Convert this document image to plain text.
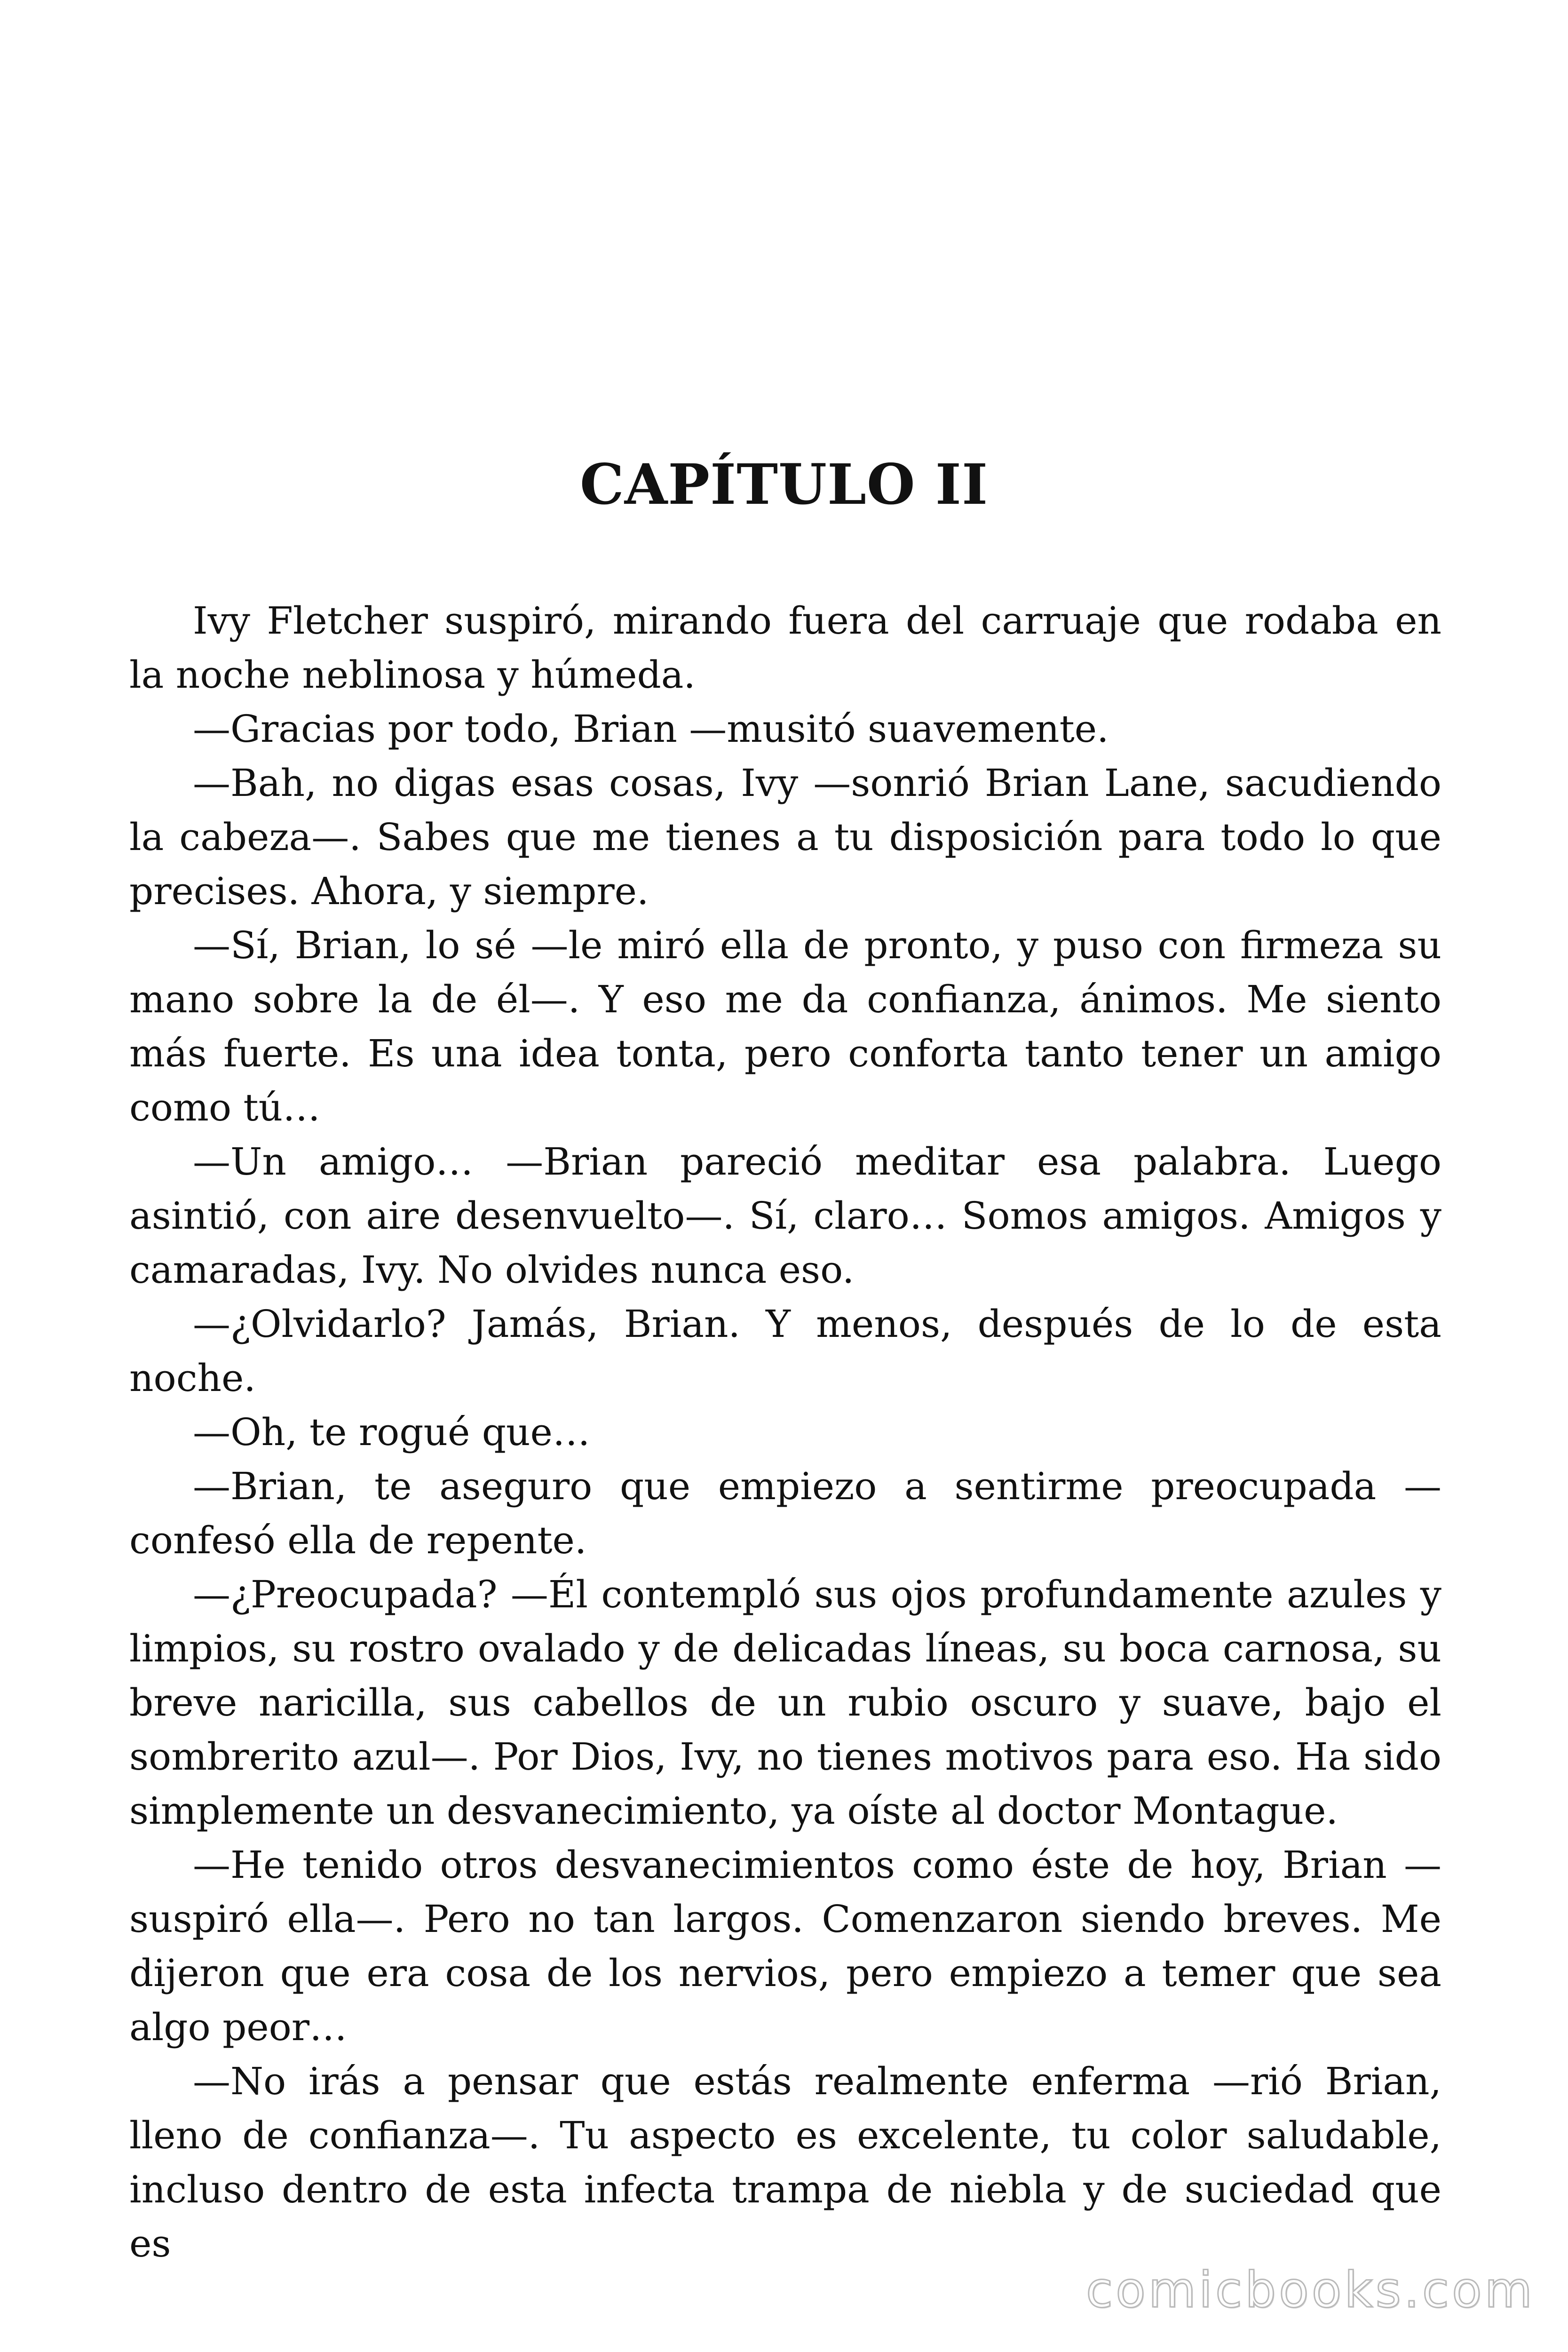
CAPÍTULO II

Ivy Fletcher suspiró, mirando fuera del carruaje que rodaba en la noche neblinosa y húmeda.

—Gracias por todo, Brian —musitó suavemente.

—Bah, no digas esas cosas, Ivy —sonrió Brian Lane, sacudiendo la cabeza—. Sabes que me tienes a tu disposición para todo lo que precises. Ahora, y siempre.

—Sí, Brian, lo sé —le miró ella de pronto, y puso con firmeza su mano sobre la de él—. Y eso me da confianza, ánimos. Me siento más fuerte. Es una idea tonta, pero conforta tanto tener un amigo como tú…

—Un amigo… —Brian pareció meditar esa palabra. Luego asintió, con aire desenvuelto—. Sí, claro… Somos amigos. Amigos y camaradas, Ivy. No olvides nunca eso.

—¿Olvidarlo? Jamás, Brian. Y menos, después de lo de esta noche.

—Oh, te rogué que…

—Brian, te aseguro que empiezo a sentirme preocupada —confesó ella de repente.

—¿Preocupada? —Él contempló sus ojos profundamente azules y limpios, su rostro ovalado y de delicadas líneas, su boca carnosa, su breve naricilla, sus cabellos de un rubio oscuro y suave, bajo el sombrerito azul—. Por Dios, Ivy, no tienes motivos para eso. Ha sido simplemente un desvanecimiento, ya oíste al doctor Montague.

—He tenido otros desvanecimientos como éste de hoy, Brian —suspiró ella—. Pero no tan largos. Comenzaron siendo breves. Me dijeron que era cosa de los nervios, pero empiezo a temer que sea algo peor…

—No irás a pensar que estás realmente enferma —rió Brian, lleno de confianza—. Tu aspecto es excelente, tu color saludable, incluso dentro de esta infecta trampa de niebla y de suciedad que es

comicbooks.com
